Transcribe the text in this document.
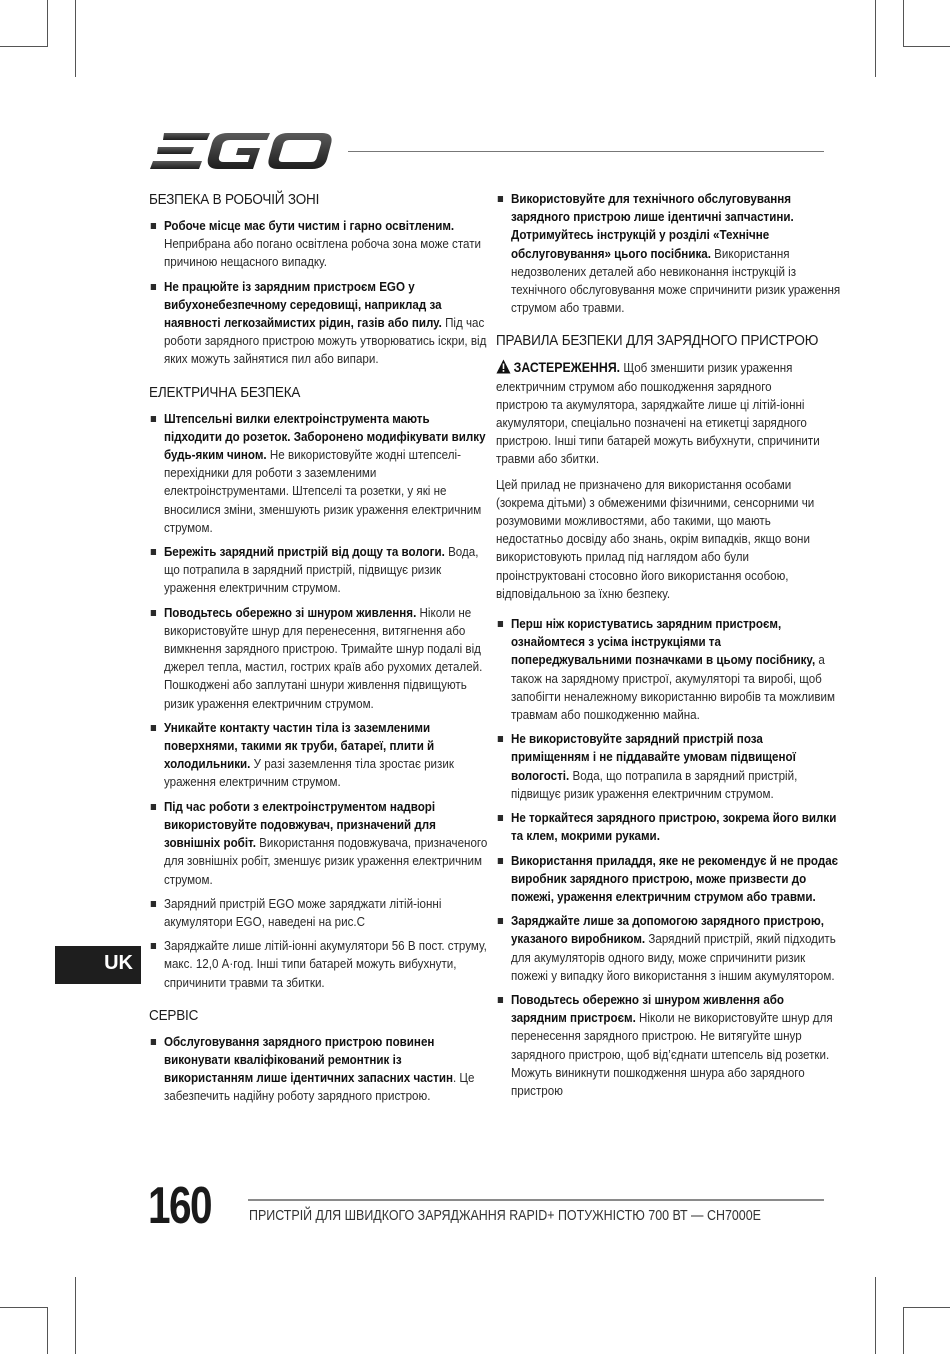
БЕЗПЕКА В РОБОЧІЙ ЗОНІ
Робоче місце має бути чистим і гарно освітленим. Неприбрана або погано освітлена робоча зона може стати причиною нещасного випадку.
Не працюйте із зарядним пристроєм EGO у вибухонебезпечному середовищі, наприклад за наявності легкозаймистих рідин, газів або пилу. Під час роботи зарядного пристрою можуть утворюватись іскри, від яких можуть зайнятися пил або випари.
ЕЛЕКТРИЧНА БЕЗПЕКА
Штепсельні вилки електроінструмента мають підходити до розеток. Заборонено модифікувати вилку будь-яким чином. Не використовуйте жодні штепселі-перехідники для роботи з заземленими електроінструментами. Штепселі та розетки, у які не вносилися зміни, зменшують ризик ураження електричним струмом.
Бережіть зарядний пристрій від дощу та вологи. Вода, що потрапила в зарядний пристрій, підвищує ризик ураження електричним струмом.
Поводьтесь обережно зі шнуром живлення. Ніколи не використовуйте шнур для перенесення, витягнення або вимкнення зарядного пристрою. Тримайте шнур подалі від джерел тепла, мастил, гострих країв або рухомих деталей. Пошкоджені або заплутані шнури живлення підвищують ризик ураження електричним струмом.
Уникайте контакту частин тіла із заземленими поверхнями, такими як труби, батареї, плити й холодильники. У разі заземлення тіла зростає ризик ураження електричним струмом.
Під час роботи з електроінструментом надворі використовуйте подовжувач, призначений для зовнішніх робіт. Використання подовжувача, призначеного для зовнішніх робіт, зменшує ризик ураження електричним струмом.
Зарядний пристрій EGO може заряджати літій-іонні акумулятори EGO, наведені на рис.С
Заряджайте лише літій-іонні акумулятори 56 В пост. струму, макс. 12,0 А·год. Інші типи батарей можуть вибухнути, спричинити травми та збитки.
СЕРВІС
Обслуговування зарядного пристрою повинен виконувати кваліфікований ремонтник із використанням лише ідентичних запасних частин. Це забезпечить надійну роботу зарядного пристрою.
Використовуйте для технічного обслуговування зарядного пристрою лише ідентичні запчастини. Дотримуйтесь інструкцій у розділі «Технічне обслуговування» цього посібника. Використання недозволених деталей або невиконання інструкцій із технічного обслуговування може спричинити ризик ураження струмом або травми.
ПРАВИЛА БЕЗПЕКИ ДЛЯ ЗАРЯДНОГО ПРИСТРОЮ

ЗАСТЕРЕЖЕННЯ. Щоб зменшити ризик ураження електричним струмом або пошкодження зарядного пристрою та акумулятора, заряджайте лише ці літій-іонні акумулятори, спеціально позначені на етикетці зарядного пристрою. Інші типи батарей можуть вибухнути, спричинити травми або збитки.

Цей прилад не призначено для використання особами (зокрема дітьми) з обмеженими фізичними, сенсорними чи розумовими можливостями, або такими, що мають недостатньо досвіду або знань, окрім випадків, якщо вони використовують прилад під наглядом або були проінструктовані стосовно його використання особою, відповідальною за їхню безпеку.

Перш ніж користуватись зарядним пристроєм, ознайомтеся з усіма інструкціями та попереджувальними позначками в цьому посібнику, а також на зарядному пристрої, акумуляторі та виробі, щоб запобігти неналежному використанню виробів та можливим травмам або пошкодженню майна.
Не використовуйте зарядний пристрій поза приміщенням і не піддавайте умовам підвищеної вологості. Вода, що потрапила в зарядний пристрій, підвищує ризик ураження електричним струмом.
Не торкайтеся зарядного пристрою, зокрема його вилки та клем, мокрими руками.
Використання приладдя, яке не рекомендує й не продає виробник зарядного пристрою, може призвести до пожежі, ураження електричним струмом або травми.
Заряджайте лише за допомогою зарядного пристрою, указаного виробником. Зарядний пристрій, який підходить для акумуляторів одного виду, може спричинити ризик пожежі у випадку його використання з іншим акумулятором.
Поводьтесь обережно зі шнуром живлення або зарядним пристроєм. Ніколи не використовуйте шнур для перенесення зарядного пристрою. Не витягуйте шнур зарядного пристрою, щоб від’єднати штепсель від розетки. Можуть виникнути пошкодження шнура або зарядного пристрою
UK
160	ПРИСТРІЙ ДЛЯ ШВИДКОГО ЗАРЯДЖАННЯ RAPID+ ПОТУЖНІСТЮ 700 ВТ — CH7000E
